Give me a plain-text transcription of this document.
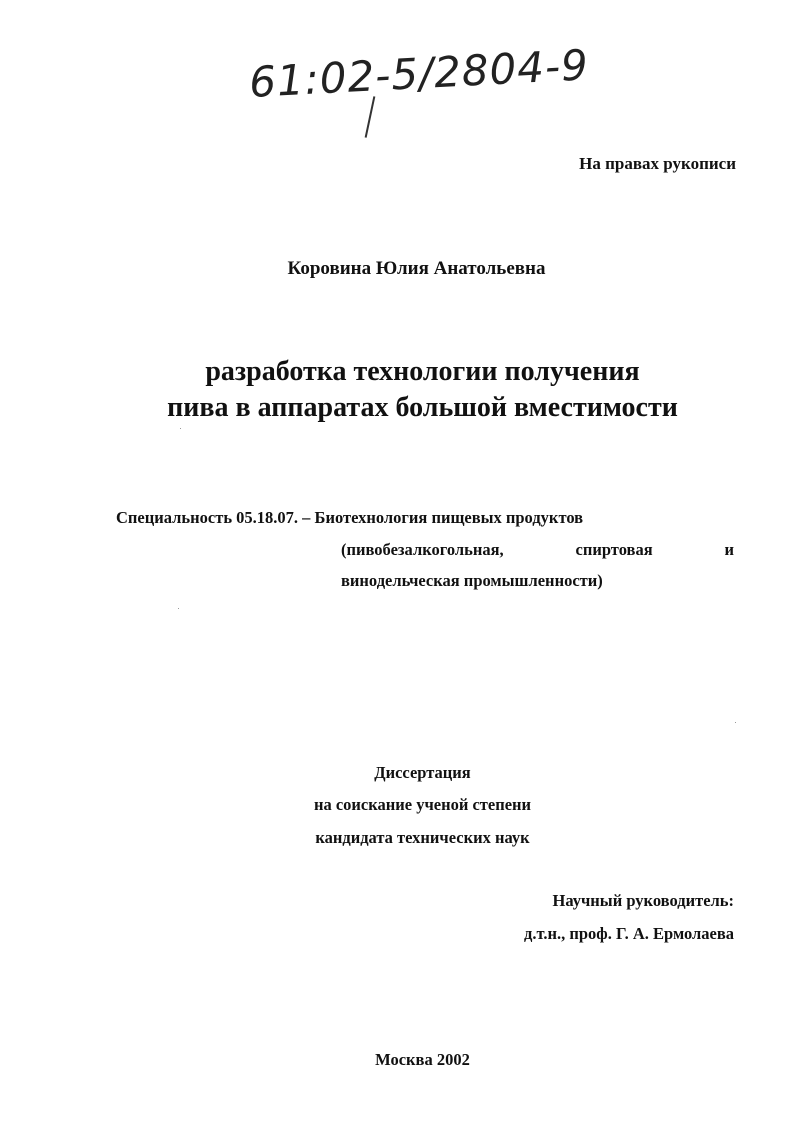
61:02-5/2804-9
На правах рукописи
Коровина Юлия Анатольевна
разработка технологии получения
пива в аппаратах большой вместимости
Специальность 05.18.07. – Биотехнология пищевых продуктов
(пивобезалкогольная, спиртовая и
винодельческая промышленности)
Диссертация
на соискание ученой степени
кандидата технических наук
Научный руководитель:
д.т.н., проф. Г. А. Ермолаева
Москва 2002
